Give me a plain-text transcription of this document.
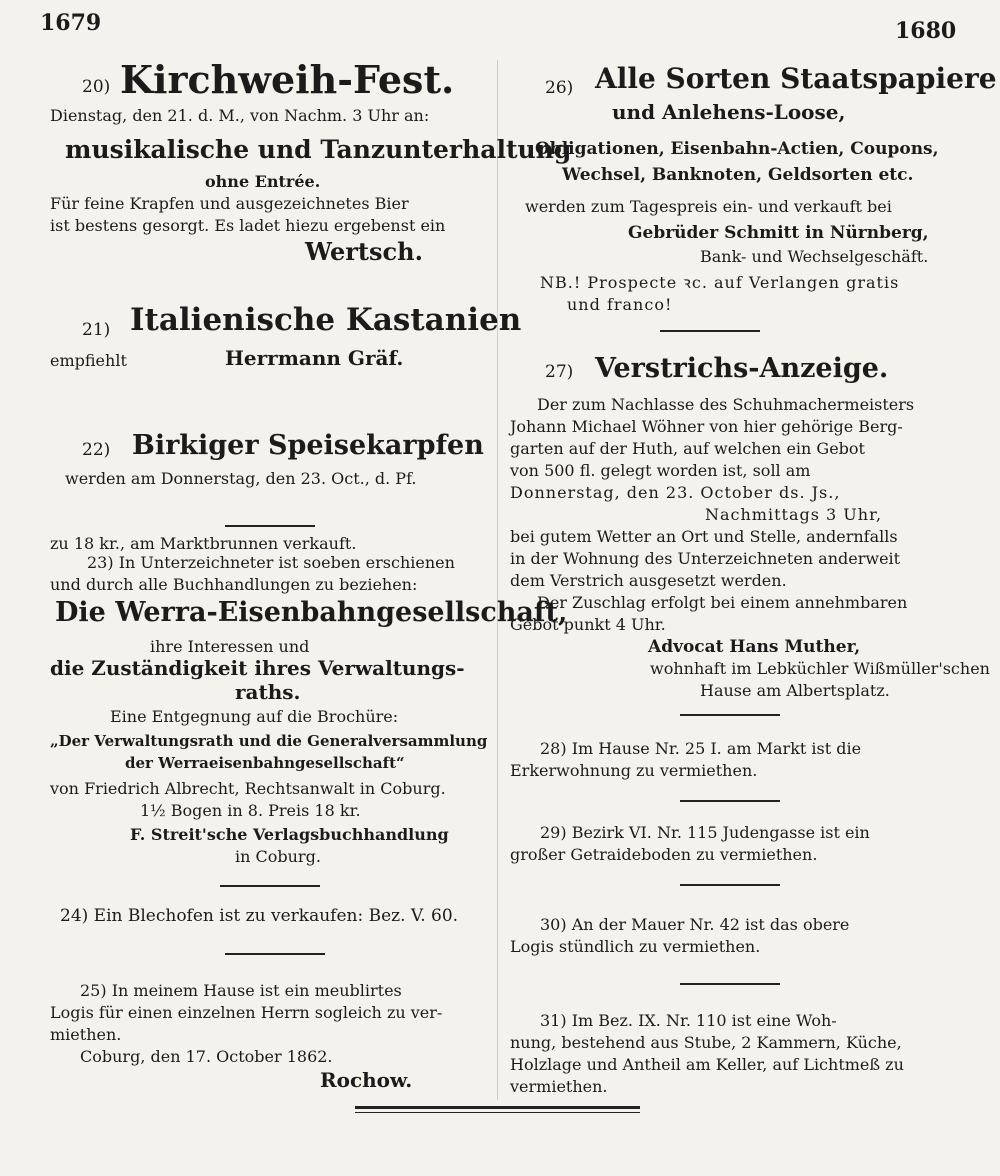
1679	1680
20) Kirchweih-Fest.
Dienstag, den 21. d. M., von Nachm. 3 Uhr an:
musikalische und Tanzunterhaltung
ohne Entrée.
Für feine Krapfen und ausgezeichnetes Bier
ist bestens gesorgt. Es ladet hiezu ergebenst ein
Wertsch.
21) Italienische Kastanien
empfiehlt	Herrmann Gräf.
22) Birkiger Speisekarpfen
werden am Donnerstag, den 23. Oct., d. Pf.
zu 18 kr., am Marktbrunnen verkauft.
23) In Unterzeichneter ist soeben erschienen
und durch alle Buchhandlungen zu beziehen:
Die Werra-Eisenbahngesellschaft,
ihre Interessen und
die Zuständigkeit ihres Verwaltungs-
raths.
Eine Entgegnung auf die Brochüre:
„Der Verwaltungsrath und die Generalversammlung
der Werraeisenbahngesellschaft“
von Friedrich Albrecht, Rechtsanwalt in Coburg.
1½ Bogen in 8. Preis 18 kr.
F. Streit'sche Verlagsbuchhandlung
in Coburg.
24) Ein Blechofen ist zu verkaufen: Bez. V. 60.
25) In meinem Hause ist ein meublirtes
Logis für einen einzelnen Herrn sogleich zu ver-
miethen.
Coburg, den 17. October 1862.
Rochow.
26) Alle Sorten Staatspapiere
und Anlehens-Loose,
Obligationen, Eisenbahn-Actien, Coupons,
Wechsel, Banknoten, Geldsorten etc.
werden zum Tagespreis ein- und verkauft bei
Gebrüder Schmitt in Nürnberg,
Bank- und Wechselgeschäft.
NB.! Prospecte ꝛc. auf Verlangen gratis
und franco!
27) Verstrichs-Anzeige.
Der zum Nachlasse des Schuhmachermeisters
Johann Michael Wöhner von hier gehörige Berg-
garten auf der Huth, auf welchen ein Gebot
von 500 fl. gelegt worden ist, soll am
Donnerstag, den 23. October ds. Js.,
Nachmittags 3 Uhr,
bei gutem Wetter an Ort und Stelle, andernfalls
in der Wohnung des Unterzeichneten anderweit
dem Verstrich ausgesetzt werden.
Der Zuschlag erfolgt bei einem annehmbaren
Gebot punkt 4 Uhr.
Advocat Hans Muther,
wohnhaft im Lebküchler Wißmüller'schen
Hause am Albertsplatz.
28) Im Hause Nr. 25 I. am Markt ist die
Erkerwohnung zu vermiethen.
29) Bezirk VI. Nr. 115 Judengasse ist ein
großer Getraideboden zu vermiethen.
30) An der Mauer Nr. 42 ist das obere
Logis stündlich zu vermiethen.
31) Im Bez. IX. Nr. 110 ist eine Woh-
nung, bestehend aus Stube, 2 Kammern, Küche,
Holzlage und Antheil am Keller, auf Lichtmeß zu
vermiethen.
